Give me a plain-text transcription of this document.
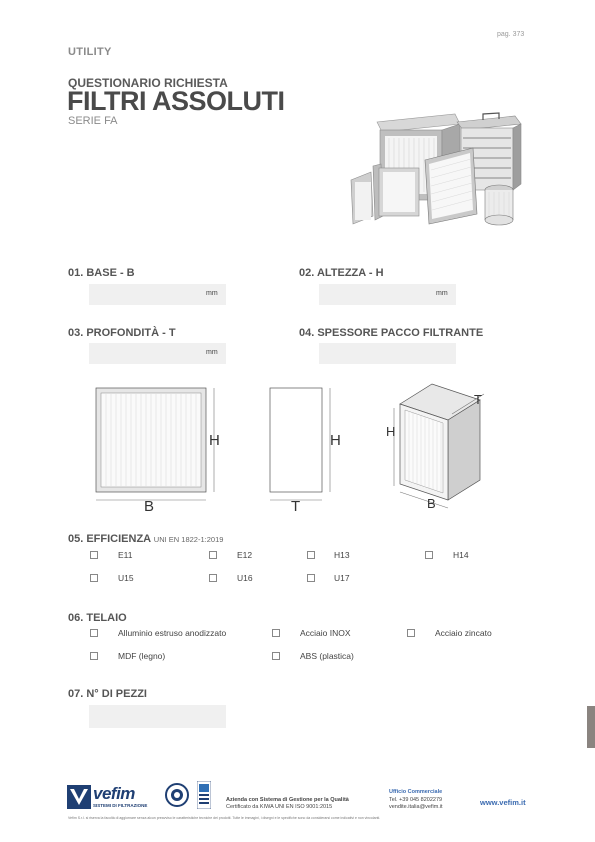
pag. 373
UTILITY
QUESTIONARIO RICHIESTA
FILTRI ASSOLUTI
SERIE FA
01. BASE - B
mm
02. ALTEZZA - H
mm
03. PROFONDITÀ - T
mm
04. SPESSORE PACCO FILTRANTE
H
B
H
T
H
T
B
05. EFFICIENZA UNI EN 1822-1:2019
E11	E12	H13	H14
U15	U16	U17
06. TELAIO
Alluminio estruso anodizzato	Acciaio INOX	Acciaio zincato
MDF (legno)	ABS (plastica)
07. N° DI PEZZI
vefim
SISTEMI DI FILTRAZIONE
Azienda con Sistema di Gestione per la Qualità
Certificato da KIWA UNI EN ISO 9001:2015
Ufficio Commerciale
Tel. +39 045 8202279
vendite.italia@vefim.it	www.vefim.it
Vefim S.r.l. si riserva la facoltà di aggiornare senza alcun preavviso le caratteristiche tecniche dei prodotti. Tutte le immagini, i disegni e le specifiche sono da considerarsi come indicativi e non vincolanti.
